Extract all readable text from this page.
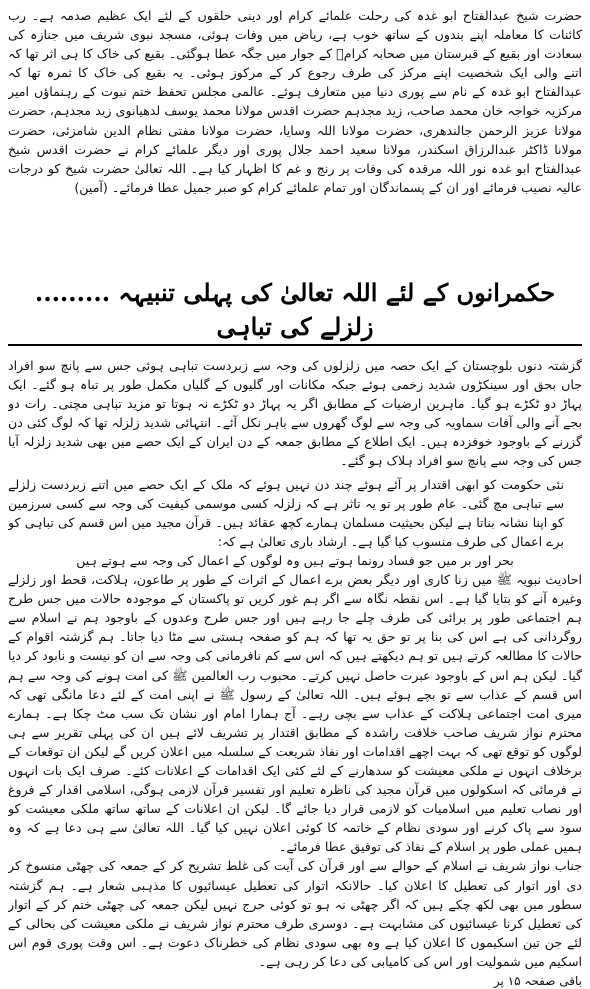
حضرت شیخ عبدالفتاح ابو غدہ کی رحلت علمائے کرام اور دینی حلقوں کے لئے ایک عظیم صدمہ ہے۔ رب کائنات کا معاملہ اپنے بندوں کے ساتھ خوب ہے، ریاض میں وفات ہوئی، مسجد نبوی شریف میں جنازہ کی سعادت اور بقیع کے قبرستان میں صحابہ کرامؓ کے جوار میں جگہ عطا ہوگئی۔ بقیع کی خاک کا ہی اثر تھا کہ اتنے والی ایک شخصیت اپنے مرکز کی طرف رجوع کر کے مرکوز ہوئی۔ یہ بقیع کی خاک کا ثمرہ تھا کہ عبدالفتاح ابو غدہ کے نام سے پوری دنیا میں متعارف ہوئے۔ عالمی مجلس تحفظ ختم نبوت کے رہنماؤں امیر مرکزیہ خواجہ خان محمد صاحب، زید مجدہم حضرت اقدس مولانا محمد یوسف لدھیانوی زید مجدہم، حضرت مولانا عزیز الرحمن جالندھری، حضرت مولانا اللہ وسایا، حضرت مولانا مفتی نظام الدین شامزئی، حضرت مولانا ڈاکٹر عبدالرزاق اسکندر، مولانا سعید احمد جلال پوری اور دیگر علمائے کرام نے حضرت اقدس شیخ عبدالفتاح ابو غدہ نور اللہ مرقدہ کی وفات پر رنج و غم کا اظہار کیا ہے۔ اللہ تعالیٰ حضرت شیخ کو درجات عالیہ نصیب فرمائے اور ان کے پسماندگان اور تمام علمائے کرام کو صبر جمیل عطا فرمائے۔ (آمین)

حکمرانوں کے لئے اللہ تعالیٰ کی پہلی تنبیہہ ......... زلزلے کی تباہی

گزشتہ دنوں بلوچستان کے ایک حصہ میں زلزلوں کی وجہ سے زبردست تباہی ہوئی جس سے پانچ سو افراد جاں بحق اور سینکڑوں شدید زخمی ہوئے جبکہ مکانات اور گلیوں کے گلیاں مکمل طور پر تباہ ہو گئے۔ ایک پہاڑ دو ٹکڑے ہو گیا۔ ماہرین ارضیات کے مطابق اگر یہ پہاڑ دو ٹکڑے نہ ہوتا تو مزید تباہی مچتی۔ رات دو بجے آنے والی آفات سماویہ کی وجہ سے لوگ گھروں سے باہر نکل آئے۔ انتہائی شدید زلزلہ تھا کہ لوگ کئی دن گزرنے کے باوجود خوفزدہ ہیں۔ ایک اطلاع کے مطابق جمعہ کے دن ایران کے ایک حصے میں بھی شدید زلزلہ آیا جس کی وجہ سے پانچ سو افراد ہلاک ہو گئے۔

نئی حکومت کو ابھی اقتدار پر آئے ہوئے چند دن نہیں ہوئے کہ ملک کے ایک حصے میں اتنے زبردست زلزلے سے تباہی مچ گئی۔ عام طور پر تو یہ تاثر ہے کہ زلزلہ کسی موسمی کیفیت کی وجہ سے کسی سرزمین کو اپنا نشانہ بناتا ہے لیکن بحیثیت مسلمان ہمارے کچھ عقائد ہیں۔ قرآن مجید میں اس قسم کی تباہی کو برے اعمال کی طرف منسوب کیا گیا ہے۔ ارشاد باری تعالیٰ ہے کہ:

بحر اور بر میں جو فساد رونما ہوتے ہیں وہ لوگوں کے اعمال کی وجہ سے ہوتے ہیں

احادیث نبویہ ﷺ میں زنا کاری اور دیگر بعض برے اعمال کے اثرات کے طور پر طاعون، ہلاکت، قحط اور زلزلے وغیرہ آنے کو بتایا گیا ہے۔ اس نقطہ نگاہ سے اگر ہم غور کریں تو پاکستان کے موجودہ حالات میں جس طرح ہم اجتماعی طور پر برائی کی طرف چلے جا رہے ہیں اور جس طرح وعدوں کے باوجود ہم نے اسلام سے روگردانی کی ہے اس کی بنا پر تو حق یہ تھا کہ ہم کو صفحہ ہستی سے مٹا دیا جاتا۔ ہم گزشتہ اقوام کے حالات کا مطالعہ کرتے ہیں تو ہم دیکھتے ہیں کہ اس سے کم نافرمانی کی وجہ سے ان کو نیست و نابود کر دیا گیا۔ لیکن ہم اس کے باوجود عبرت حاصل نہیں کرتے۔ محبوب رب العالمین ﷺ کی امت ہونے کی وجہ سے ہم اس قسم کے عذاب سے تو بچے ہوئے ہیں۔ اللہ تعالیٰ کے رسول ﷺ نے اپنی امت کے لئے دعا مانگی تھی کہ میری امت اجتماعی ہلاکت کے عذاب سے بچی رہے۔ آج ہمارا امام اور نشان تک سب مٹ چکا ہے۔ ہمارے محترم نواز شریف صاحب خلافت راشدہ کے مطابق اقتدار پر تشریف لائے ہیں ان کی پہلی تقریر سے ہی لوگوں کو توقع تھی کہ بہت اچھے اقدامات اور نفاذ شریعت کے سلسلہ میں اعلان کریں گے لیکن ان توقعات کے برخلاف انہوں نے ملکی معیشت کو سدھارنے کے لئے کئی ایک اقدامات کے اعلانات کئے۔ صرف ایک بات انہوں نے فرمائی کہ اسکولوں میں قرآن مجید کی ناظرہ تعلیم اور تفسیر قرآن لازمی ہوگی، اسلامی اقدار کے فروغ اور نصاب تعلیم میں اسلامیات کو لازمی قرار دیا جائے گا۔ لیکن ان اعلانات کے ساتھ ساتھ ملکی معیشت کو سود سے پاک کرنے اور سودی نظام کے خاتمہ کا کوئی اعلان نہیں کیا گیا۔ اللہ تعالیٰ سے ہی دعا ہے کہ وہ ہمیں عملی طور پر اسلام کے نفاذ کی توفیق عطا فرمائے۔

جناب نواز شریف نے اسلام کے حوالے سے اور قرآن کی آیت کی غلط تشریح کر کے جمعہ کی چھٹی منسوخ کر دی اور اتوار کی تعطیل کا اعلان کیا۔ حالانکہ اتوار کی تعطیل عیسائیوں کا مذہبی شعار ہے۔ ہم گزشتہ سطور میں بھی لکھ چکے ہیں کہ اگر چھٹی نہ ہو تو کوئی حرج نہیں لیکن جمعہ کی چھٹی ختم کر کے اتوار کی تعطیل کرنا عیسائیوں کی مشابہت ہے۔ دوسری طرف محترم نواز شریف نے ملکی معیشت کی بحالی کے لئے جن تین اسکیموں کا اعلان کیا ہے وہ بھی سودی نظام کی خطرناک دعوت ہے۔ اس وقت پوری قوم اس اسکیم میں شمولیت اور اس کی کامیابی کی دعا کر رہی ہے۔

باقی صفحہ ۱۵ پر
